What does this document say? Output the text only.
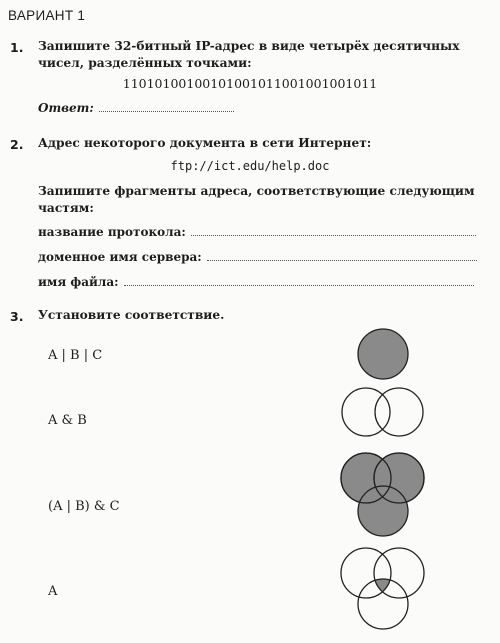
ВАРИАНТ 1
1. Запишите 32-битный IP-адрес в виде четырёх десятичных
чисел, разделённых точками:
11010100100101001011001001001011
Ответ:
2. Адрес некоторого документа в сети Интернет:
ftp://ict.edu/help.doc
Запишите фрагменты адреса, соответствующие следующим
частям:
название протокола:
доменное имя сервера:
имя файла:
3. Установите соответствие.
A | B | C
A & B
(A | B) & C
A
